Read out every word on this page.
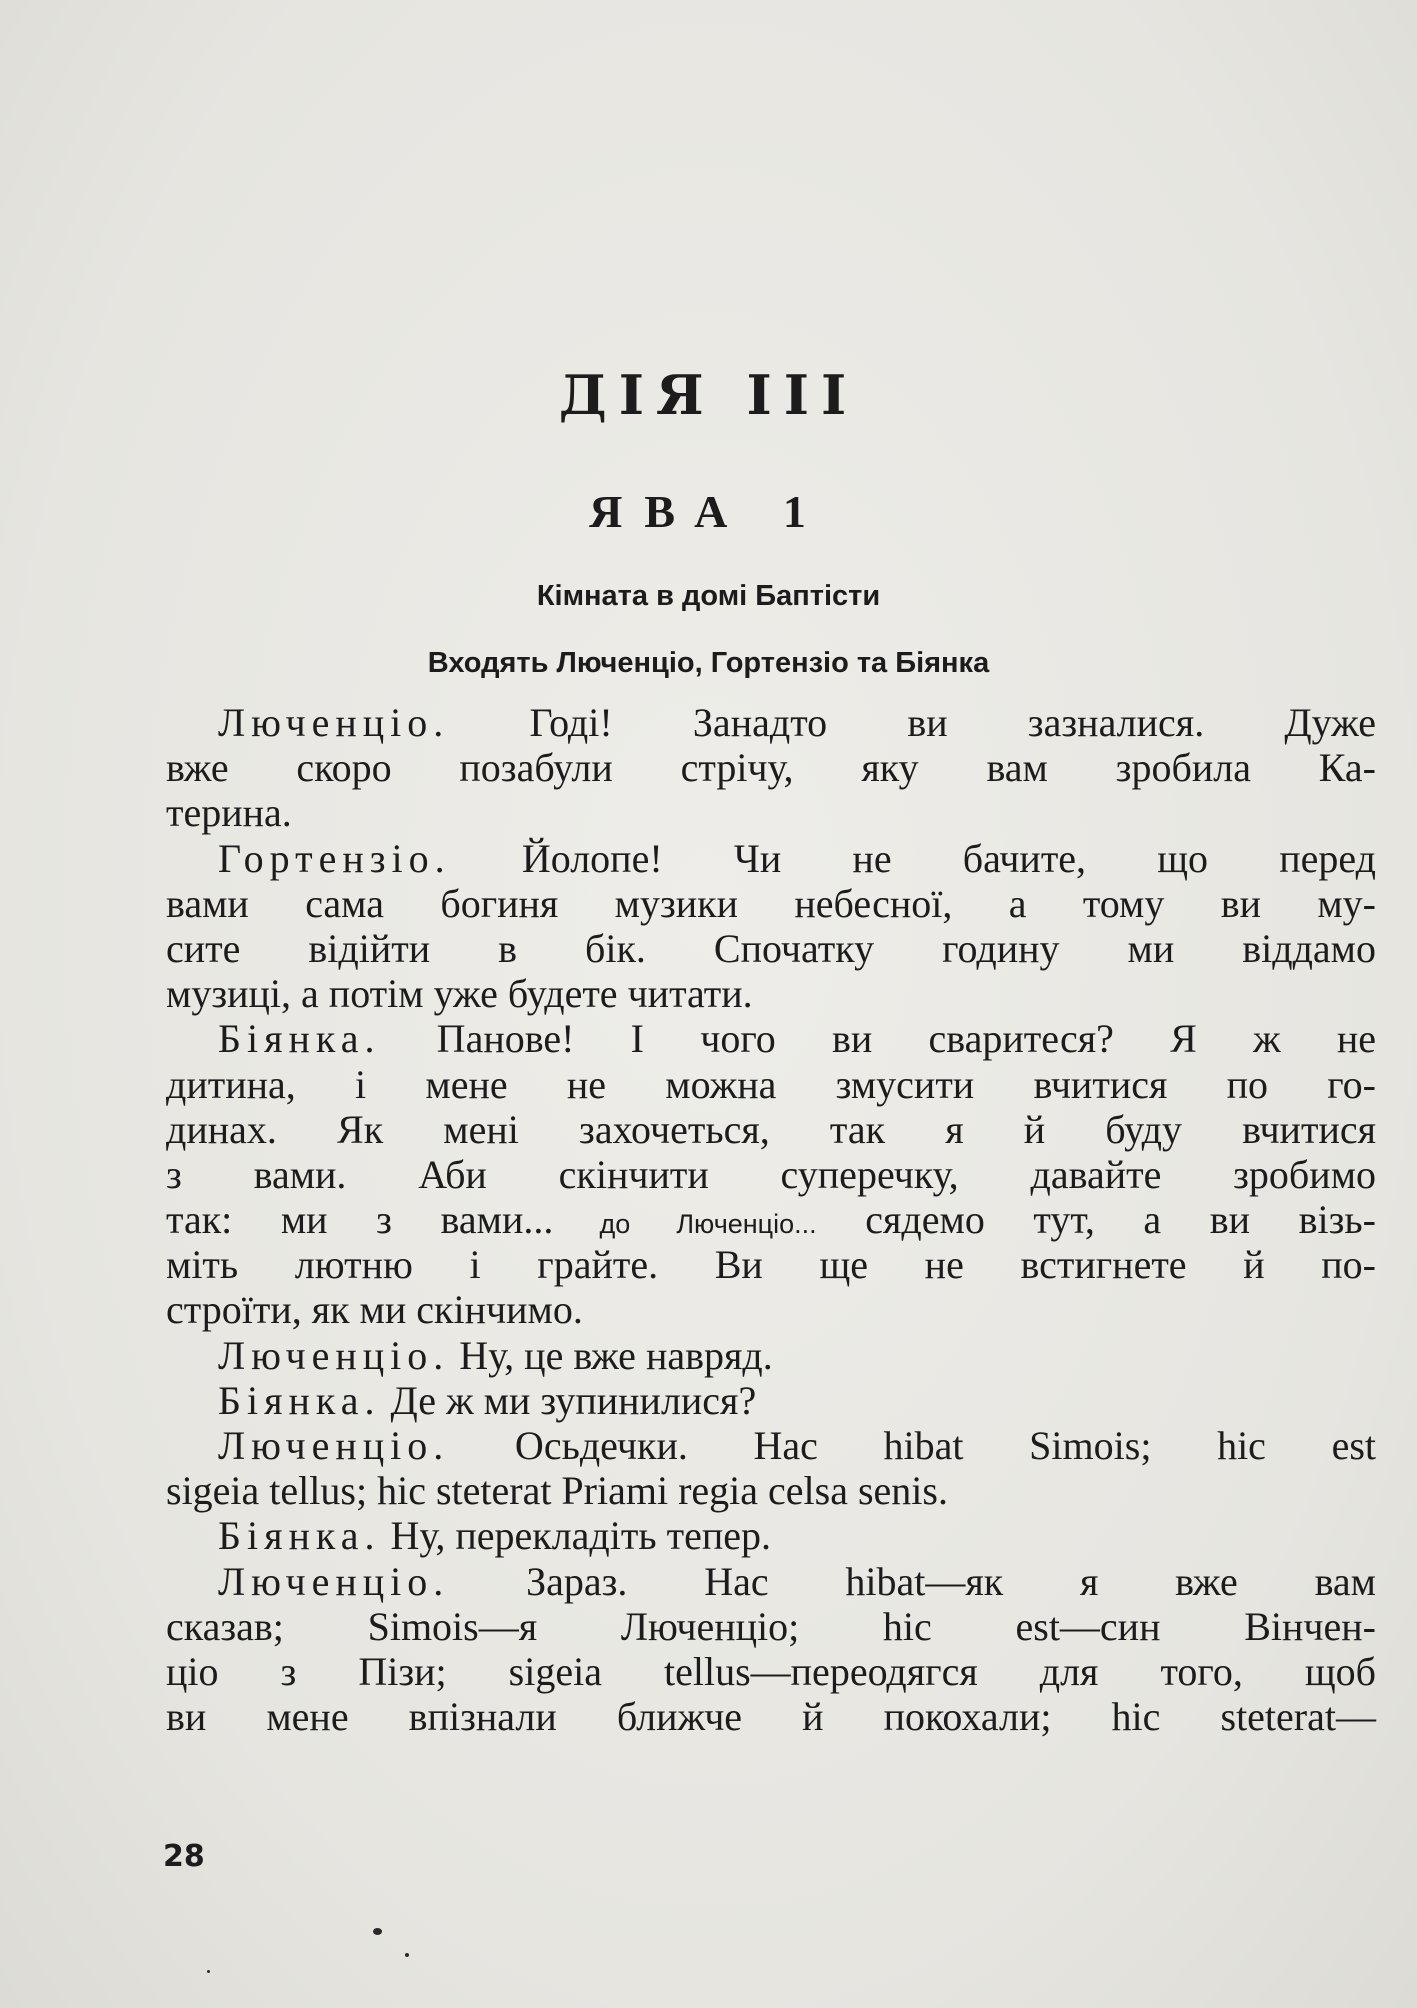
ДІЯ ІІІ
ЯВА 1

Кімната в домі Баптісти

Входять Люченціо, Гортензіо та Біянка

Люченціо. Годі! Занадто ви зазналися. Дуже
вже скоро позабули стрічу, яку вам зробила Ка-
терина.
Гортензіо. Йолопе! Чи не бачите, що перед
вами сама богиня музики небесної, а тому ви му-
сите відійти в бік. Спочатку годину ми віддамо
музиці, а потім уже будете читати.
Біянка. Панове! І чого ви сваритеся? Я ж не
дитина, і мене не можна змусити вчитися по го-
динах. Як мені захочеться, так я й буду вчитися
з вами. Аби скінчити суперечку, давайте зробимо
так: ми з вами... до Люченціо... сядемо тут, а ви візь-
міть лютню і грайте. Ви ще не встигнете й по-
строїти, як ми скінчимо.
Люченціо. Ну, це вже навряд.
Біянка. Де ж ми зупинилися?
Люченціо. Осьдечки. Hac hibat Simois; hic est
sigeia tellus; hic steterat Priami regia celsa senis.
Біянка. Ну, перекладіть тепер.
Люченціо. Зараз. Hac hibat—як я вже вам
сказав; Simois—я Люченціо; hic est—син Вінчен-
ціо з Пізи; sigeia tellus—переодягся для того, щоб
ви мене впізнали ближче й покохали; hic steterat—
28
